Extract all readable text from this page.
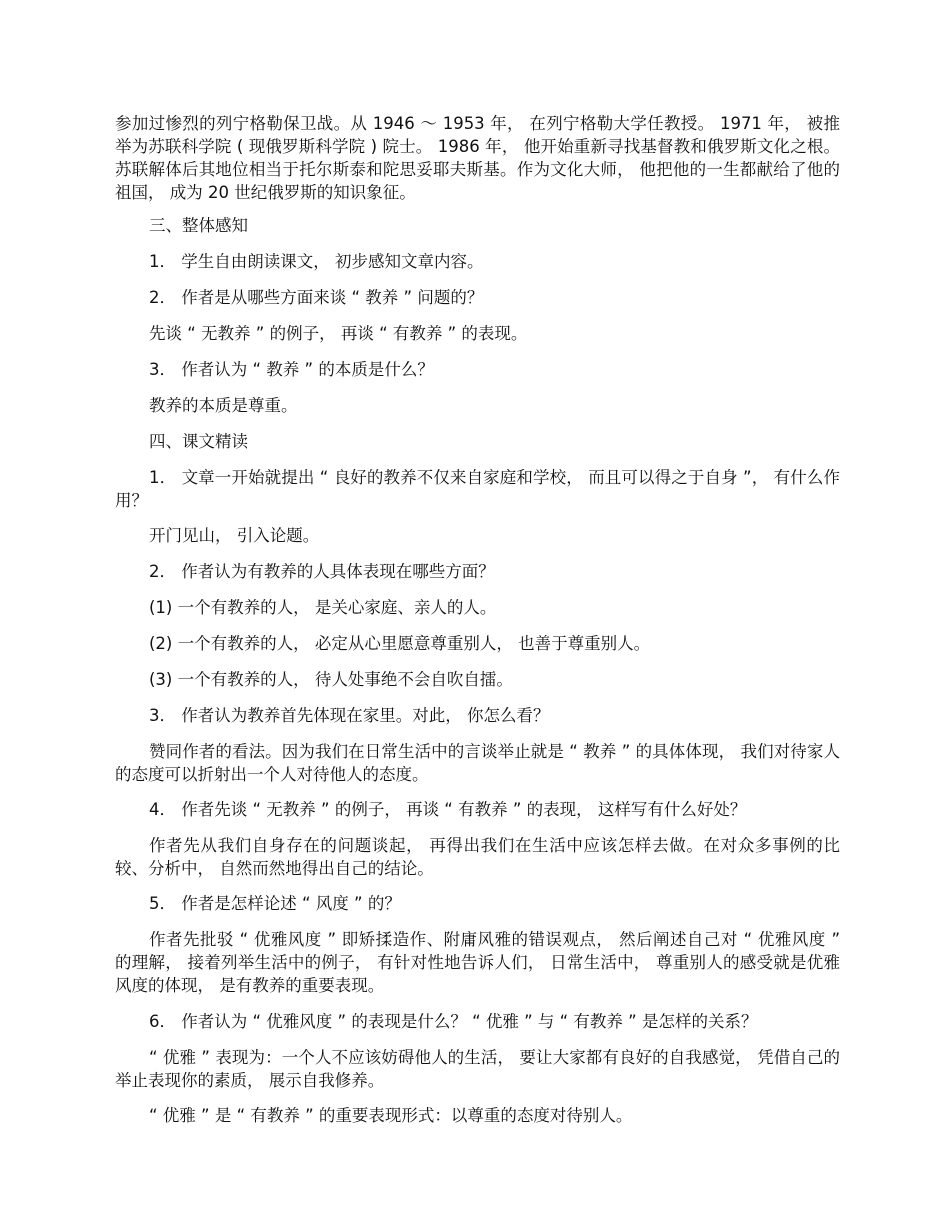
参加过惨烈的列宁格勒保卫战。从 1946 ～ 1953 年， 在列宁格勒大学任教授。 1971 年， 被推举为苏联科学院 ( 现俄罗斯科学院 ) 院士。 1986 年， 他开始重新寻找基督教和俄罗斯文化之根。苏联解体后其地位相当于托尔斯泰和陀思妥耶夫斯基。作为文化大师， 他把他的一生都献给了他的祖国， 成为 20 世纪俄罗斯的知识象征。

三、整体感知

1． 学生自由朗读课文， 初步感知文章内容。

2． 作者是从哪些方面来谈 “ 教养 ” 问题的？

先谈 “ 无教养 ” 的例子， 再谈 “ 有教养 ” 的表现。

3． 作者认为 “ 教养 ” 的本质是什么？

教养的本质是尊重。

四、课文精读

1． 文章一开始就提出 “ 良好的教养不仅来自家庭和学校， 而且可以得之于自身 ”， 有什么作用？

开门见山， 引入论题。

2． 作者认为有教养的人具体表现在哪些方面？

(1) 一个有教养的人， 是关心家庭、亲人的人。

(2) 一个有教养的人， 必定从心里愿意尊重别人， 也善于尊重别人。

(3) 一个有教养的人， 待人处事绝不会自吹自擂。

3． 作者认为教养首先体现在家里。对此， 你怎么看？

赞同作者的看法。因为我们在日常生活中的言谈举止就是 “ 教养 ” 的具体体现， 我们对待家人的态度可以折射出一个人对待他人的态度。

4． 作者先谈 “ 无教养 ” 的例子， 再谈 “ 有教养 ” 的表现， 这样写有什么好处？

作者先从我们自身存在的问题谈起， 再得出我们在生活中应该怎样去做。在对众多事例的比较、分析中， 自然而然地得出自己的结论。

5． 作者是怎样论述 “ 风度 ” 的？

作者先批驳 “ 优雅风度 ” 即矫揉造作、附庸风雅的错误观点， 然后阐述自己对 “ 优雅风度 ” 的理解， 接着列举生活中的例子， 有针对性地告诉人们， 日常生活中， 尊重别人的感受就是优雅风度的体现， 是有教养的重要表现。

6． 作者认为 “ 优雅风度 ” 的表现是什么？ “ 优雅 ” 与 “ 有教养 ” 是怎样的关系？

“ 优雅 ” 表现为：一个人不应该妨碍他人的生活， 要让大家都有良好的自我感觉， 凭借自己的举止表现你的素质， 展示自我修养。

“ 优雅 ” 是 “ 有教养 ” 的重要表现形式：以尊重的态度对待别人。
